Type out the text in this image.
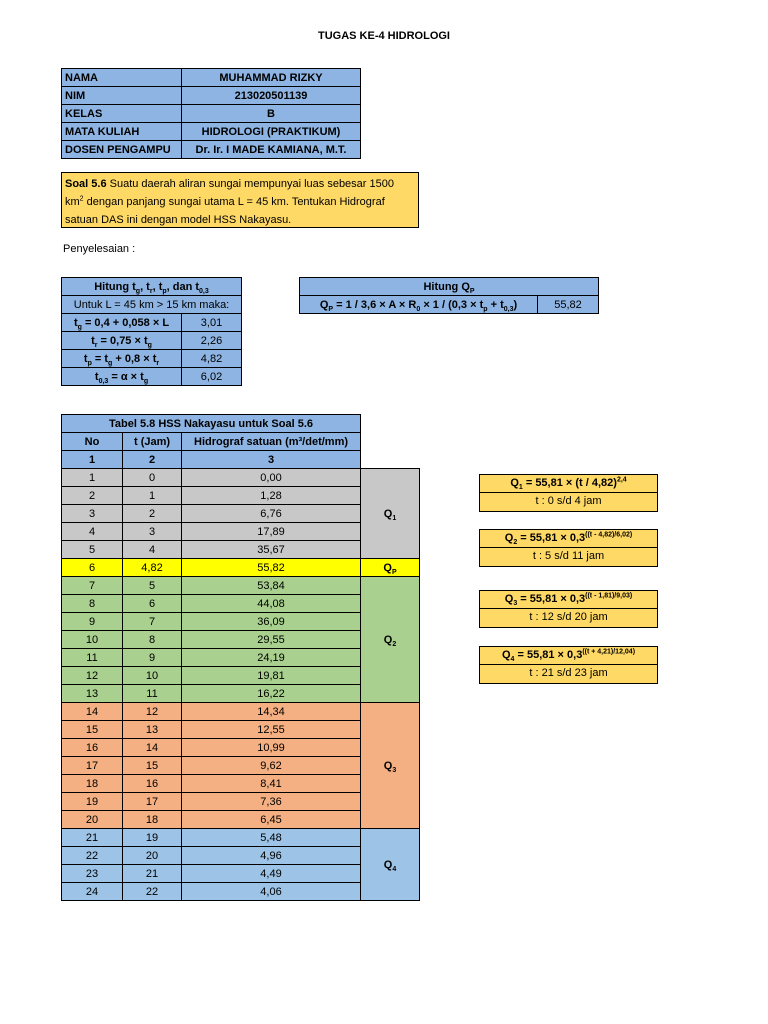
TUGAS KE-4 HIDROLOGI
NAMA	MUHAMMAD RIZKY
NIM	213020501139
KELAS	B
MATA KULIAH	HIDROLOGI (PRAKTIKUM)
DOSEN PENGAMPU	Dr. Ir. I MADE KAMIANA, M.T.
Soal 5.6 Suatu daerah aliran sungai mempunyai luas sebesar 1500
$km^2$ dengan panjang sungai utama L = 45 km. Tentukan Hidrograf
satuan DAS ini dengan model HSS Nakayasu.
Penyelesaian :
Hitung $t_g$, $t_r$, $t_p$, dan $t_{0,3}$
Untuk L = 45 km > 15 km maka:	
$t_g = 0,4 + 0,058 \times L$	3,01
$t_r = 0,75 \times t_g$	2,26
$t_p = t_g + 0,8 \times t_r$	4,82
$t_{0,3} = \alpha \times t_g$	6,02
Hitung $Q_P$
$Q_P = 1 / 3,6 \times A \times R_0 \times 1 / (0,3 \times t_p + t_{0,3})$	55,82
Tabel 5.8 HSS Nakayasu untuk Soal 5.6			
No	t (Jam)	Hidrograf satuan (m³/det/mm)	
1	2	3	
1	0	0,00	$Q_1$
2	1	1,28	
3	2	6,76	
4	3	17,89	
5	4	35,67	
6	4,82	55,82	$Q_P$
7	5	53,84	$Q_2$
8	6	44,08	
9	7	36,09	
10	8	29,55	
11	9	24,19	
12	10	19,81	
13	11	16,22	
14	12	14,34	$Q_3$
15	13	12,55	
16	14	10,99	
17	15	9,62	
18	16	8,41	
19	17	7,36	
20	18	6,45	
21	19	5,48	$Q_4$
22	20	4,96	
23	21	4,49	
24	22	4,06	
$Q_1 = 55,81 \times (t / 4,82)^{2,4}$
t : 0 s/d 4 jam
$Q_2 = 55,81 \times 0,3^{((t - 4,82)/6,02)}$
t : 5 s/d 11 jam
$Q_3 = 55,81 \times 0,3^{((t - 1,81)/9,03)}$
t : 12 s/d 20 jam
$Q_4 = 55,81 \times 0,3^{((t + 4,21)/12,04)}$
t : 21 s/d 23 jam
